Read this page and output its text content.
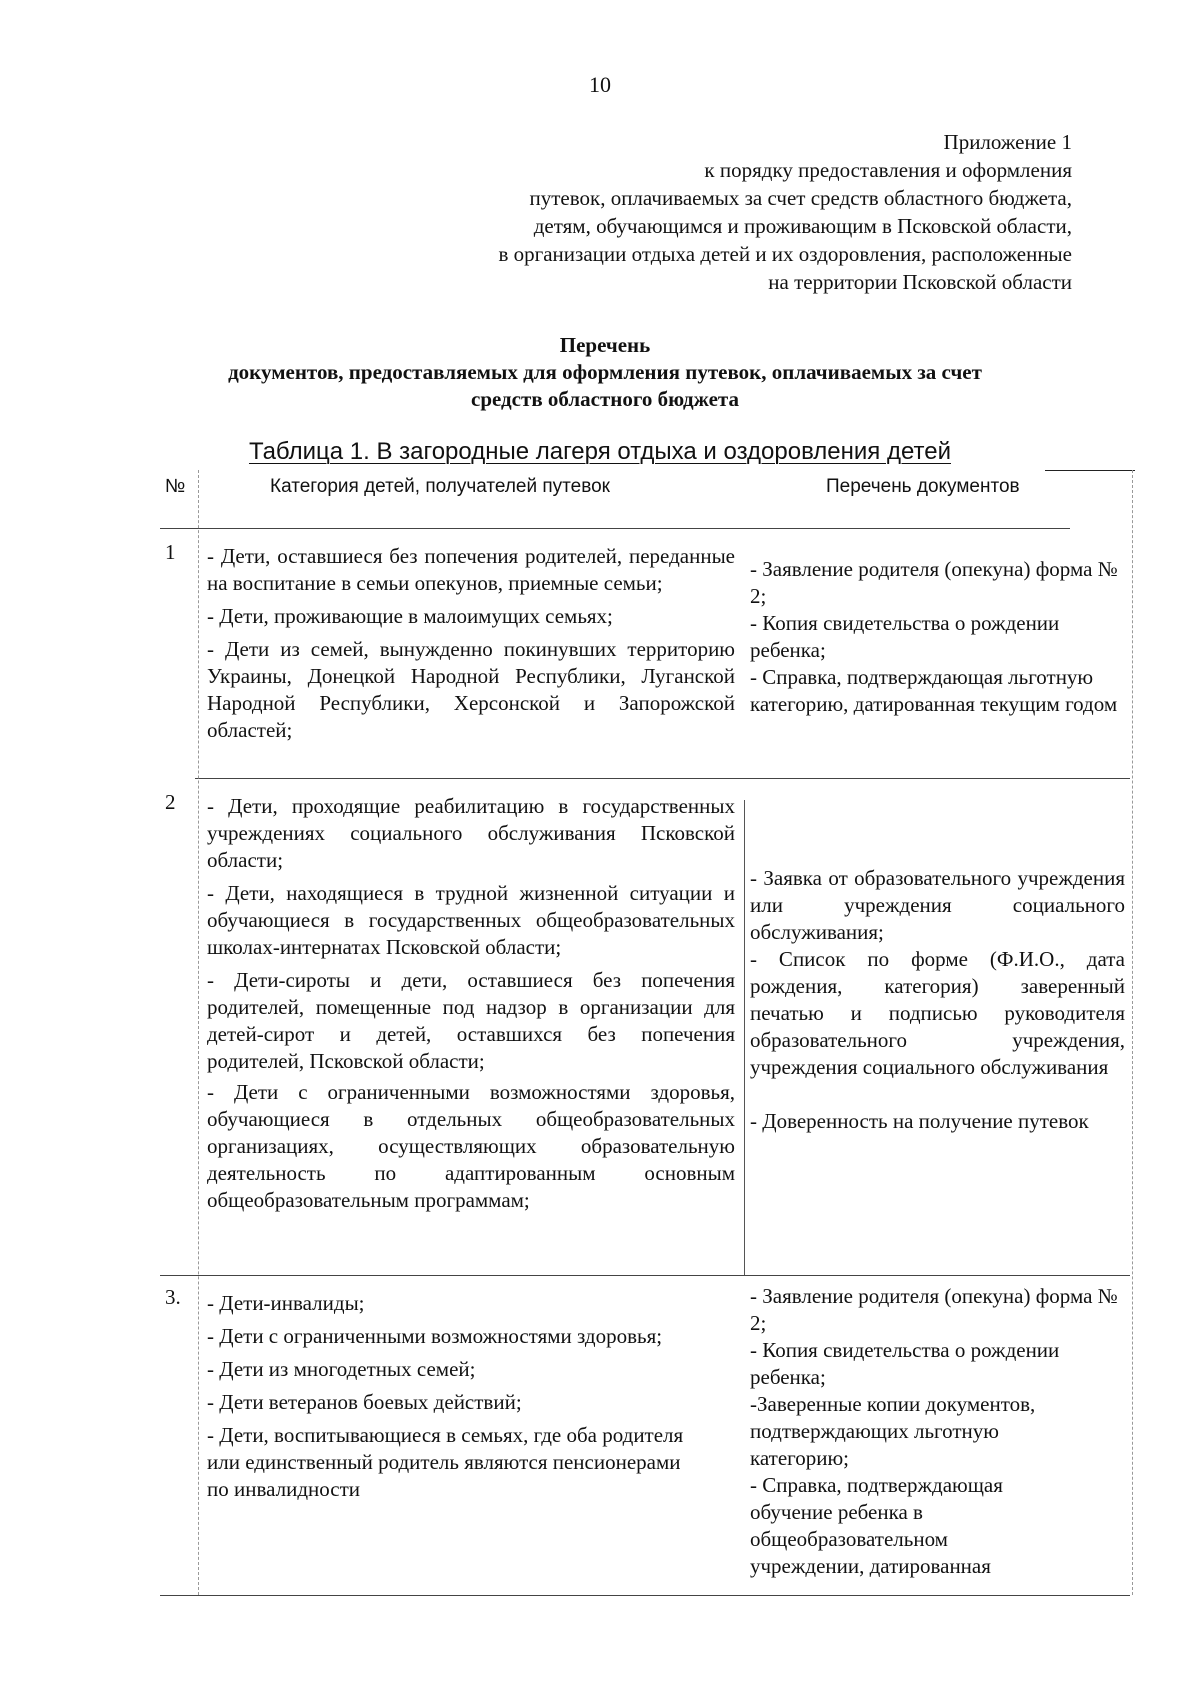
10
Приложение 1
к порядку предоставления и оформления
путевок, оплачиваемых за счет средств областного бюджета,
детям, обучающимся и проживающим в Псковской области,
в организации отдыха детей и их оздоровления, расположенные
на территории Псковской области
Перечень
документов, предоставляемых для оформления путевок, оплачиваемых за счет
средств областного бюджета
Таблица 1. В загородные лагеря отдыха и оздоровления детей
№	Категория детей, получателей путевок	Перечень документов
1 - Дети, оставшиеся без попечения родителей, переданные на воспитание в семьи опекунов, приемные семьи;

- Дети, проживающие в малоимущих семьях;

- Дети из семей, вынужденно покинувших территорию Украины, Донецкой Народной Республики, Луганской Народной Республики, Херсонской и Запорожской областей;

- Заявление родителя (опекуна) форма № 2;

- Копия свидетельства о рождении ребенка;

- Справка, подтверждающая льготную категорию, датированная текущим годом

2 - Дети, проходящие реабилитацию в государственных учреждениях социального обслуживания Псковской области;

- Дети, находящиеся в трудной жизненной ситуации и обучающиеся в государственных общеобразовательных школах-интернатах Псковской области;

- Дети-сироты и дети, оставшиеся без попечения родителей, помещенные под надзор в организации для детей-сирот и детей, оставшихся без попечения родителей, Псковской области;

- Дети с ограниченными возможностями здоровья, обучающиеся в отдельных общеобразовательных организациях, осуществляющих образовательную деятельность по адаптированным основным общеобразовательным программам;

- Заявка от образовательного учреждения или учреждения социального обслуживания;

- Список по форме (Ф.И.О., дата рождения, категория) заверенный печатью и подписью руководителя образовательного учреждения, учреждения социального обслуживания

- Доверенность на получение путевок

3. - Дети-инвалиды;

- Дети с ограниченными возможностями здоровья;

- Дети из многодетных семей;

- Дети ветеранов боевых действий;

- Дети, воспитывающиеся в семьях, где оба родителя или единственный родитель являются пенсионерами по инвалидности

- Заявление родителя (опекуна) форма № 2;

- Копия свидетельства о рождении ребенка;

-Заверенные копии документов, подтверждающих льготную категорию;

- Справка, подтверждающая обучение ребенка в общеобразовательном учреждении, датированная
